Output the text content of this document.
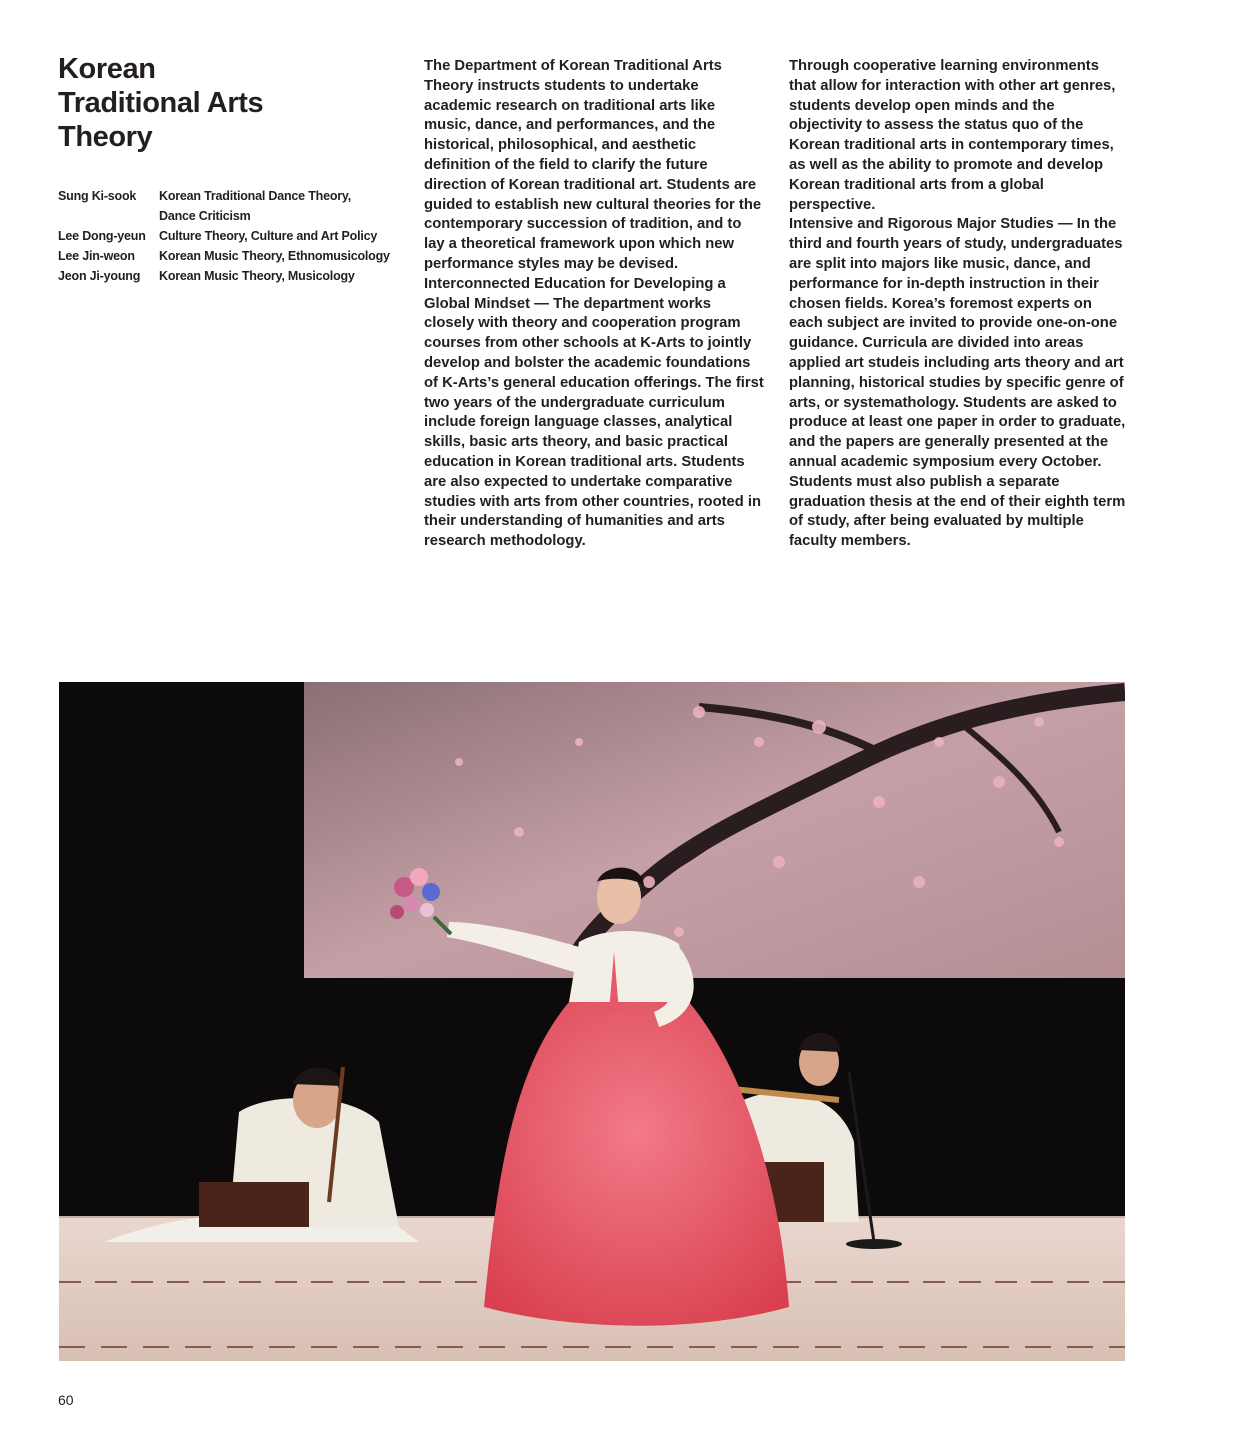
Korean
Traditional Arts
Theory
Sung Ki-sook	Korean Traditional Dance Theory,
Dance Criticism
Lee Dong-yeun	Culture Theory, Culture and Art Policy
Lee Jin-weon	Korean Music Theory, Ethnomusicology
Jeon Ji-young	Korean Music Theory, Musicology

The Department of Korean Traditional Arts Theory instructs students to undertake academic research on traditional arts like music, dance, and performances, and the historical, philosophical, and aesthetic definition of the field to clarify the future direction of Korean traditional art. Students are guided to establish new cultural theories for the contemporary succession of tradition, and to lay a theoretical framework upon which new performance styles may be devised.

Interconnected Education for Developing a Global Mindset — The department works closely with theory and cooperation program courses from other schools at K-Arts to jointly develop and bolster the academic foundations of K-Arts’s general education offerings. The first two years of the undergraduate curriculum include foreign language classes, analytical skills, basic arts theory, and basic practical education in Korean traditional arts. Students are also expected to undertake comparative studies with arts from other countries, rooted in their understanding of humanities and arts research methodology.

Through cooperative learning environments that allow for interaction with other art genres, students develop open minds and the objectivity to assess the status quo of the Korean traditional arts in contemporary times, as well as the ability to promote and develop Korean traditional arts from a global perspective.

Intensive and Rigorous Major Studies — In the third and fourth years of study, undergraduates are split into majors like music, dance, and performance for in-depth instruction in their chosen fields. Korea’s foremost experts on each subject are invited to provide one-on-one guidance. Curricula are divided into areas applied art studeis including arts theory and art planning, historical studies by specific genre of arts, or systemathology. Students are asked to produce at least one paper in order to graduate, and the papers are generally presented at the annual academic symposium every October. Students must also publish a separate graduation thesis at the end of their eighth term of study, after being evaluated by multiple faculty members.

60
